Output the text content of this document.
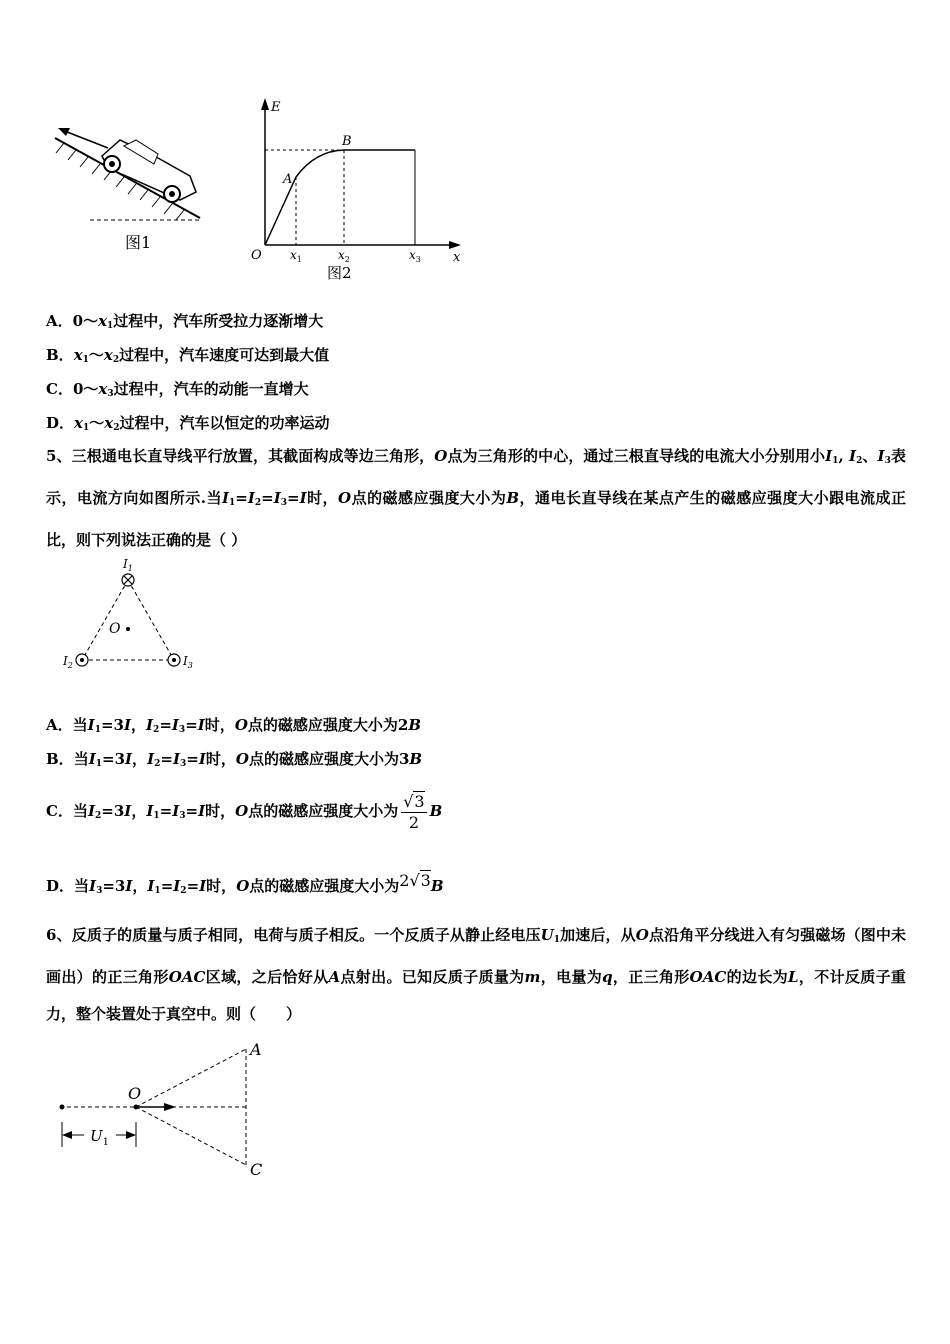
图1
E
x
O
A
B
$x_1$	$x_2$	$x_3$
图2
A．$0\sim x_1$过程中，汽车所受拉力逐渐增大
B．$x_1\sim x_2$过程中，汽车速度可达到最大值
C．$0\sim x_3$过程中，汽车的动能一直增大
D．$x_1\sim x_2$过程中，汽车以恒定的功率运动
5、三根通电长直导线平行放置，其截面构成等边三角形，O点为三角形的中心，通过三根直导线的电流大小分别用小$I_1$, $I_2$、$I_3$表示，电流方向如图所示.当$I_1=I_2=I_3=I$时，O点的磁感应强度大小为B，通电长直导线在某点产生的磁感应强度大小跟电流成正比，则下列说法正确的是（ ）
O
$I_1$
$I_2$	$I_3$
A．当$I_1=3I$，$I_2=I_3=I$时，O点的磁感应强度大小为2B
B．当$I_1=3I$，$I_2=I_3=I$时，O点的磁感应强度大小为3B
C．当$I_2=3I$，$I_1=I_3=I$时，O点的磁感应强度大小为 $\frac{√3}{2}$ B
D．当$I_3=3I$，$I_1=I_2=I$时，O点的磁感应强度大小为2√3B
6、反质子的质量与质子相同，电荷与质子相反。一个反质子从静止经电压$U_1$加速后，从O点沿角平分线进入有匀强磁场（图中未画出）的正三角形OAC区域，之后恰好从A点射出。已知反质子质量为m，电量为q，正三角形OAC的边长为L，不计反质子重力，整个装置处于真空中。则（　　）
O
A
C
$U_1$
